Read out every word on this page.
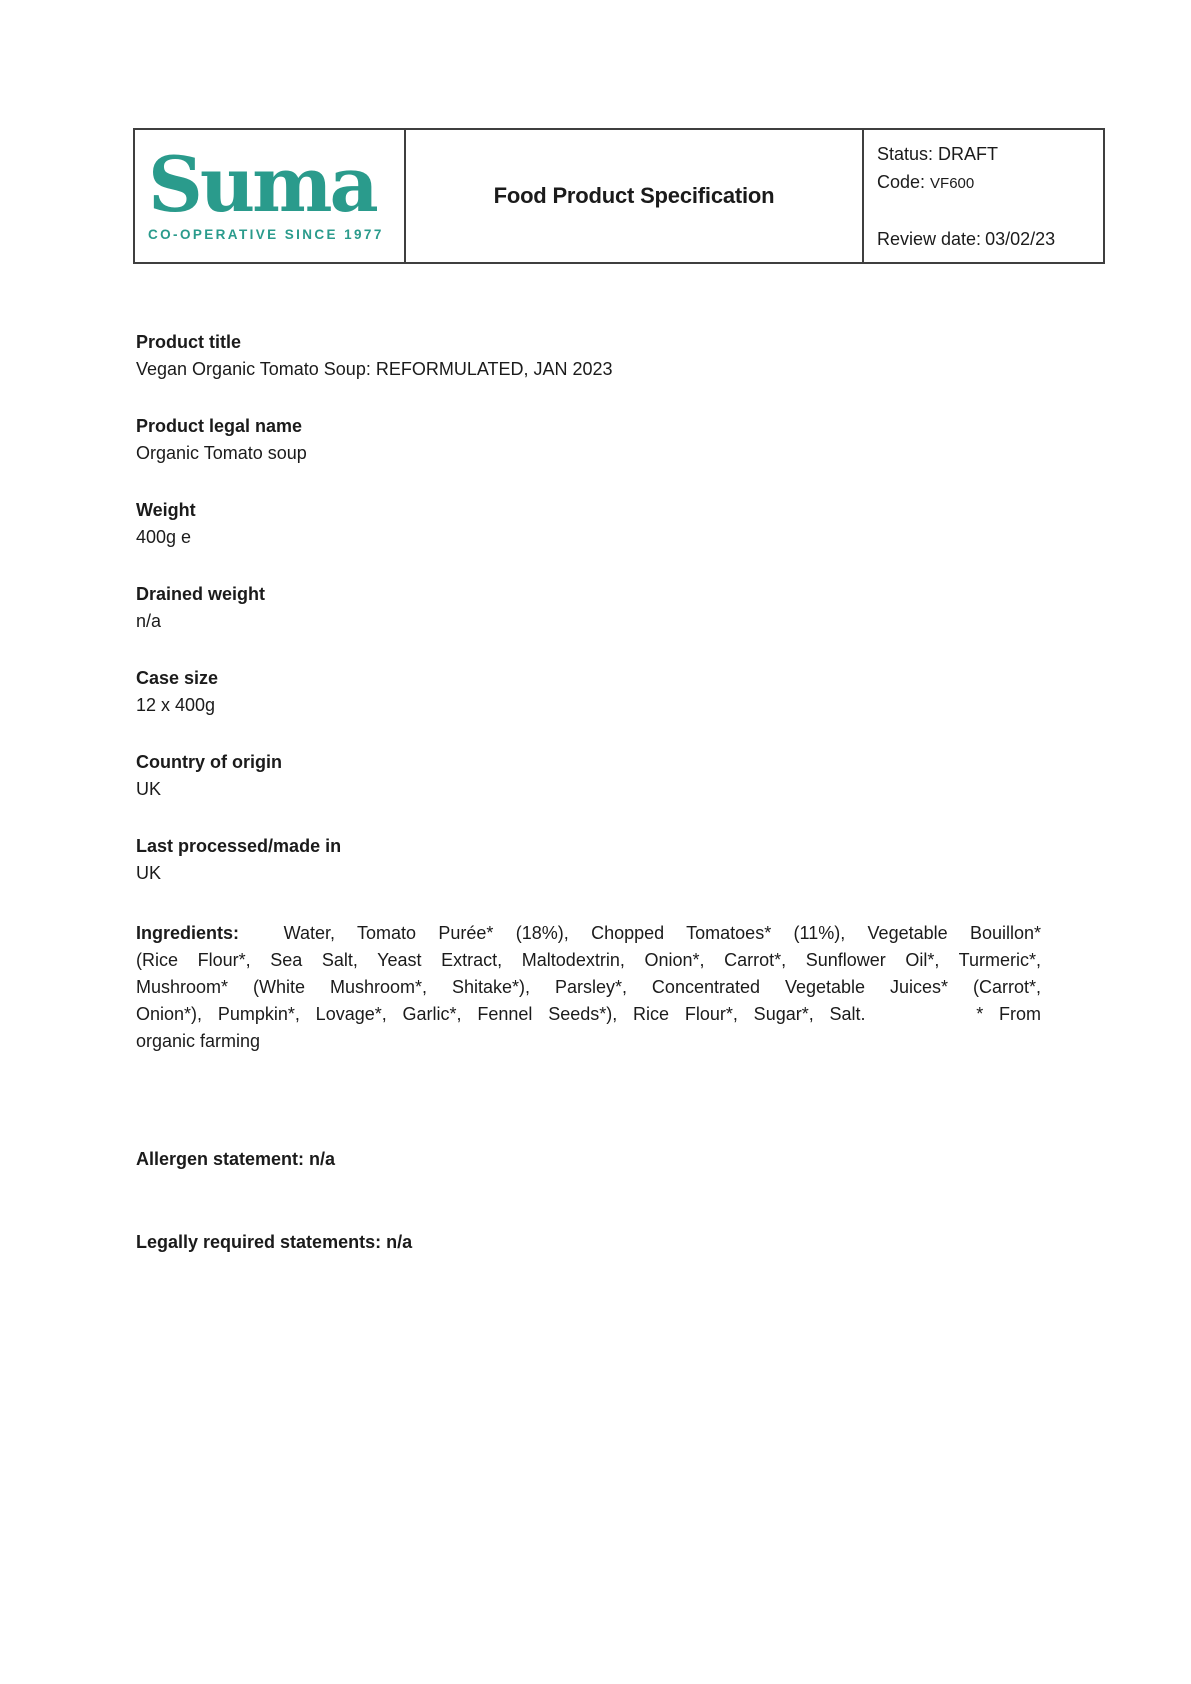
Suma
CO-OPERATIVE SINCE 1977
Food Product Specification
Status: DRAFT
Code: VF600
Review date: 03/02/23
Product title
Vegan Organic Tomato Soup: REFORMULATED, JAN 2023
Product legal name
Organic Tomato soup
Weight
400g e
Drained weight
n/a
Case size
12 x 400g
Country of origin
UK
Last processed/made in
UK
Ingredients:  Water, Tomato Purée* (18%), Chopped Tomatoes* (11%), Vegetable Bouillon*
(Rice Flour*, Sea Salt, Yeast Extract, Maltodextrin, Onion*, Carrot*, Sunflower Oil*, Turmeric*,
Mushroom* (White Mushroom*, Shitake*), Parsley*, Concentrated Vegetable Juices* (Carrot*,
Onion*), Pumpkin*, Lovage*, Garlic*, Fennel Seeds*), Rice Flour*, Sugar*, Salt.       * From
organic farming
Allergen statement: n/a
Legally required statements: n/a
